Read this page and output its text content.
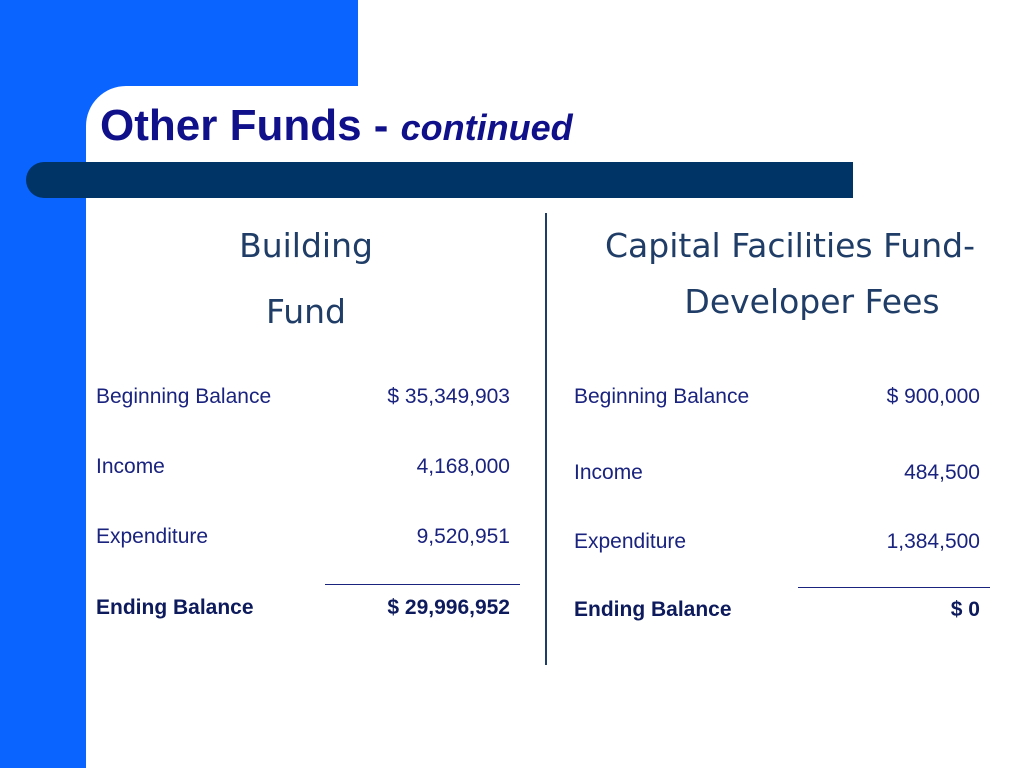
Other Funds - continued
Building
Fund
Beginning Balance	$ 35,349,903
Income	4,168,000
Expenditure	9,520,951
Ending Balance	$ 29,996,952
Capital Facilities Fund-
Developer Fees
Beginning Balance	$ 900,000
Income	484,500
Expenditure	1,384,500
Ending Balance	$ 0
